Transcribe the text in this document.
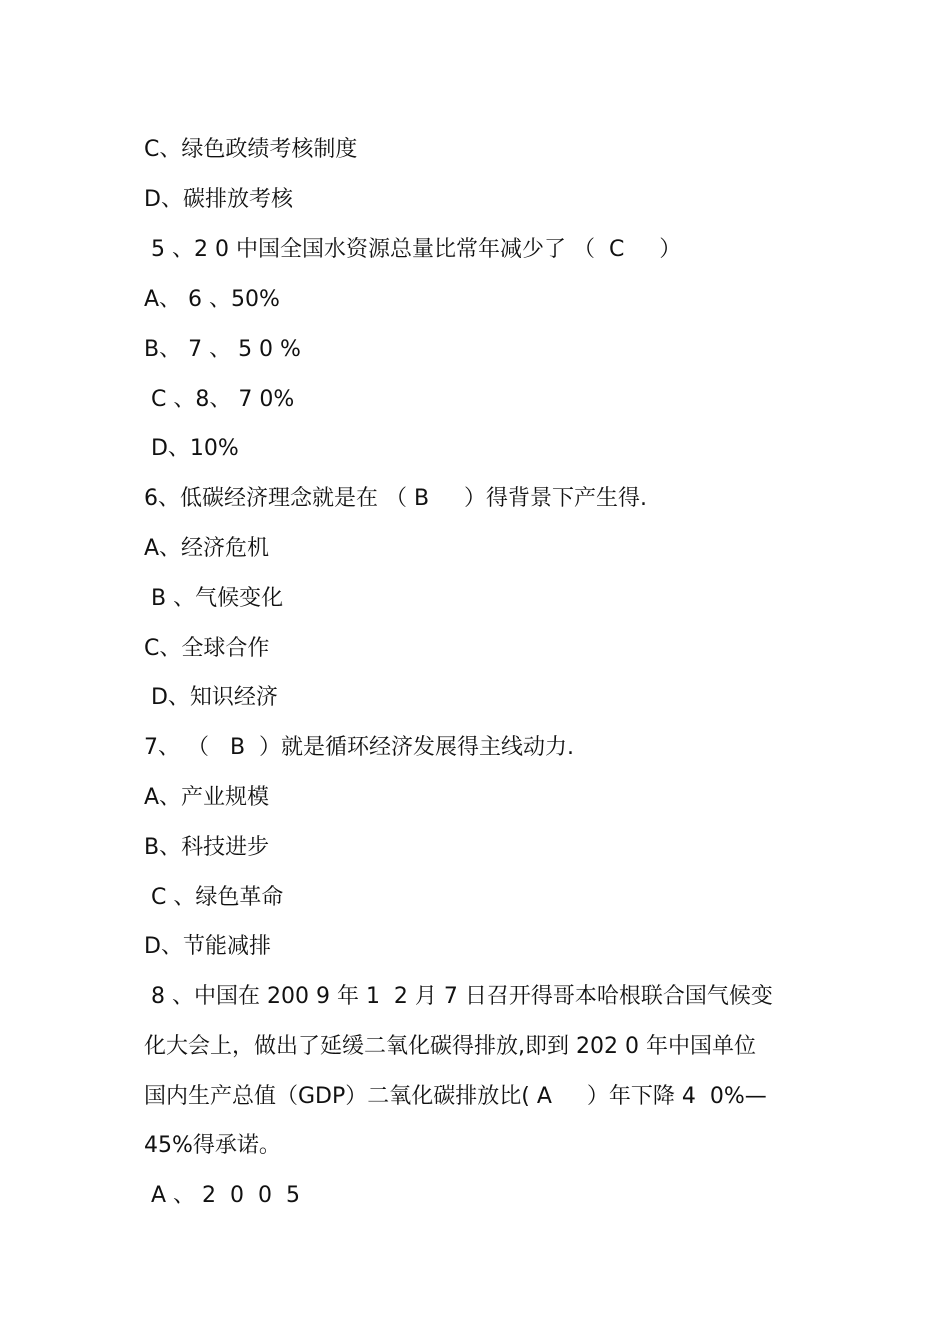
C、绿色政绩考核制度
D、碳排放考核
5 、2 0 中国全国水资源总量比常年减少了 （  C     ）
A、 6 、50%
B、 7 、 5 0 %
C 、8、 7 0%
D、10%
6、低碳经济理念就是在 （ B     ）得背景下产生得.
A、经济危机
B 、气候变化
C、全球合作
D、知识经济
7、 （   B  ）就是循环经济发展得主线动力.
A、产业规模
B、科技进步
C 、绿色革命
D、节能减排
8 、中国在 200 9 年 1  2 月 7 日召开得哥本哈根联合国气候变
化大会上，做出了延缓二氧化碳得排放,即到 202 0 年中国单位
国内生产总值（GDP）二氧化碳排放比( A     ）年下降 4  0%—
45%得承诺。
A 、 2  0  0  5
